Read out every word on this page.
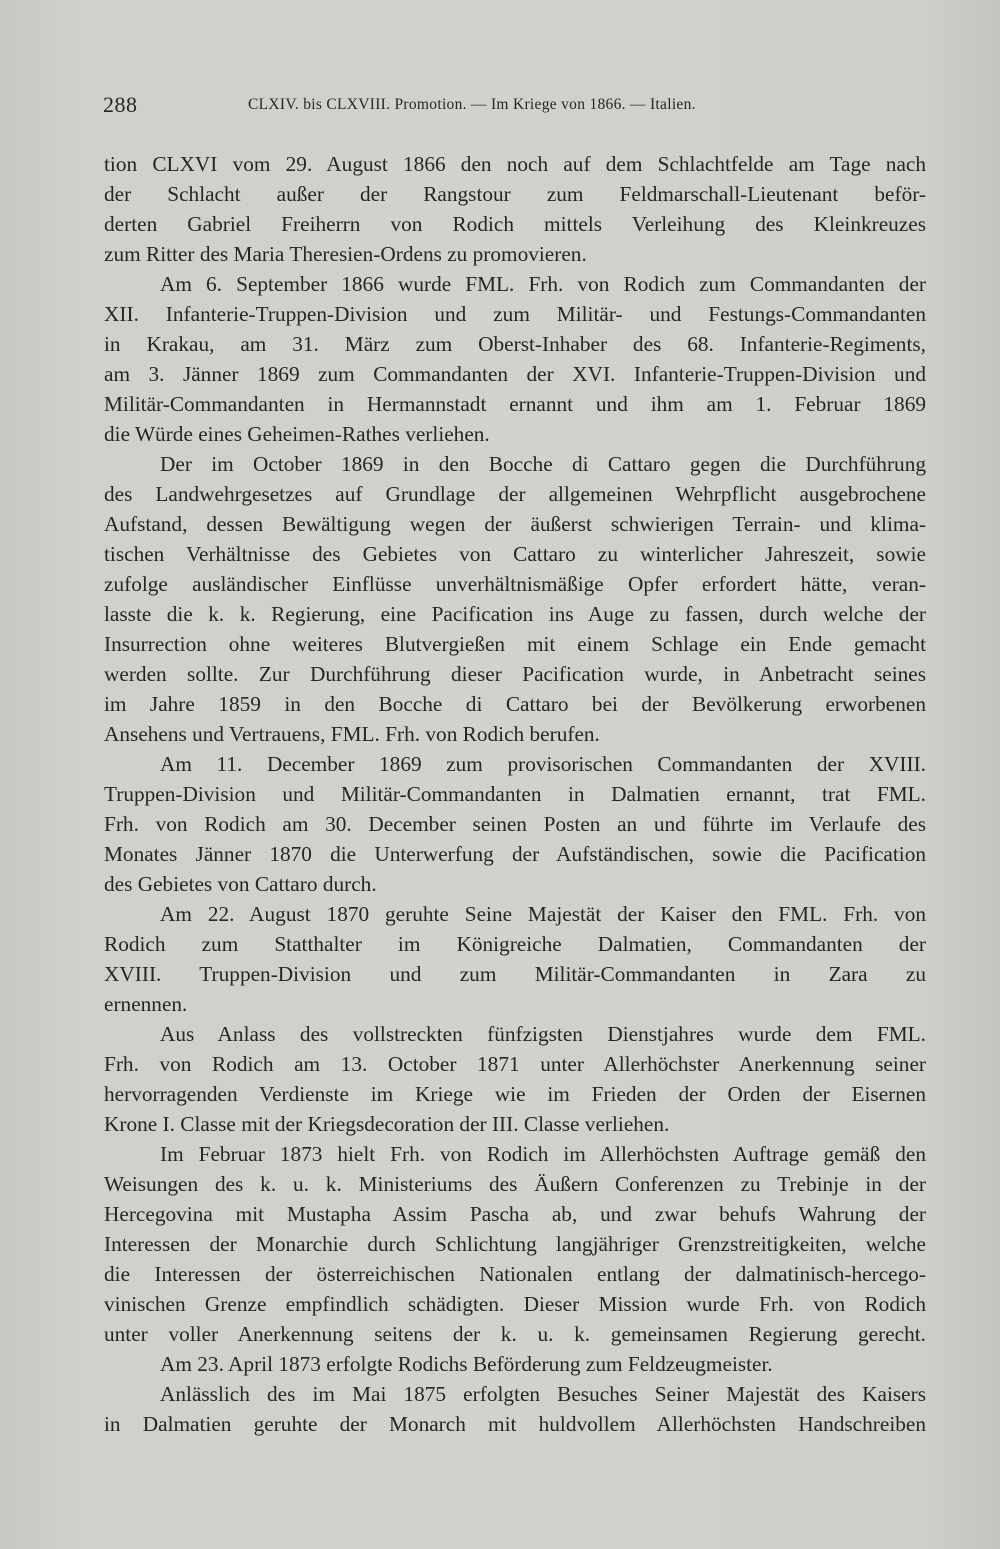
288	CLXIV. bis CLXVIII. Promotion. — Im Kriege von 1866. — Italien.
tion CLXVI vom 29. August 1866 den noch auf dem Schlachtfelde am Tage nach
der Schlacht außer der Rangstour zum Feldmarschall-Lieutenant beför-
derten Gabriel Freiherrn von Rodich mittels Verleihung des Kleinkreuzes
zum Ritter des Maria Theresien-Ordens zu promovieren.
Am 6. September 1866 wurde FML. Frh. von Rodich zum Commandanten der
XII. Infanterie-Truppen-Division und zum Militär- und Festungs-Commandanten
in Krakau, am 31. März zum Oberst-Inhaber des 68. Infanterie-Regiments,
am 3. Jänner 1869 zum Commandanten der XVI. Infanterie-Truppen-Division und
Militär-Commandanten in Hermannstadt ernannt und ihm am 1. Februar 1869
die Würde eines Geheimen-Rathes verliehen.
Der im October 1869 in den Bocche di Cattaro gegen die Durchführung
des Landwehrgesetzes auf Grundlage der allgemeinen Wehrpflicht ausgebrochene
Aufstand, dessen Bewältigung wegen der äußerst schwierigen Terrain- und klima-
tischen Verhältnisse des Gebietes von Cattaro zu winterlicher Jahreszeit, sowie
zufolge ausländischer Einflüsse unverhältnismäßige Opfer erfordert hätte, veran-
lasste die k. k. Regierung, eine Pacification ins Auge zu fassen, durch welche der
Insurrection ohne weiteres Blutvergießen mit einem Schlage ein Ende gemacht
werden sollte. Zur Durchführung dieser Pacification wurde, in Anbetracht seines
im Jahre 1859 in den Bocche di Cattaro bei der Bevölkerung erworbenen
Ansehens und Vertrauens, FML. Frh. von Rodich berufen.
Am 11. December 1869 zum provisorischen Commandanten der XVIII.
Truppen-Division und Militär-Commandanten in Dalmatien ernannt, trat FML.
Frh. von Rodich am 30. December seinen Posten an und führte im Verlaufe des
Monates Jänner 1870 die Unterwerfung der Aufständischen, sowie die Pacification
des Gebietes von Cattaro durch.
Am 22. August 1870 geruhte Seine Majestät der Kaiser den FML. Frh. von
Rodich zum Statthalter im Königreiche Dalmatien, Commandanten der
XVIII. Truppen-Division und zum Militär-Commandanten in Zara zu
ernennen.
Aus Anlass des vollstreckten fünfzigsten Dienstjahres wurde dem FML.
Frh. von Rodich am 13. October 1871 unter Allerhöchster Anerkennung seiner
hervorragenden Verdienste im Kriege wie im Frieden der Orden der Eisernen
Krone I. Classe mit der Kriegsdecoration der III. Classe verliehen.
Im Februar 1873 hielt Frh. von Rodich im Allerhöchsten Auftrage gemäß den
Weisungen des k. u. k. Ministeriums des Äußern Conferenzen zu Trebinje in der
Hercegovina mit Mustapha Assim Pascha ab, und zwar behufs Wahrung der
Interessen der Monarchie durch Schlichtung langjähriger Grenzstreitigkeiten, welche
die Interessen der österreichischen Nationalen entlang der dalmatinisch-hercego-
vinischen Grenze empfindlich schädigten. Dieser Mission wurde Frh. von Rodich
unter voller Anerkennung seitens der k. u. k. gemeinsamen Regierung gerecht.
Am 23. April 1873 erfolgte Rodichs Beförderung zum Feldzeugmeister.
Anlässlich des im Mai 1875 erfolgten Besuches Seiner Majestät des Kaisers
in Dalmatien geruhte der Monarch mit huldvollem Allerhöchsten Handschreiben
